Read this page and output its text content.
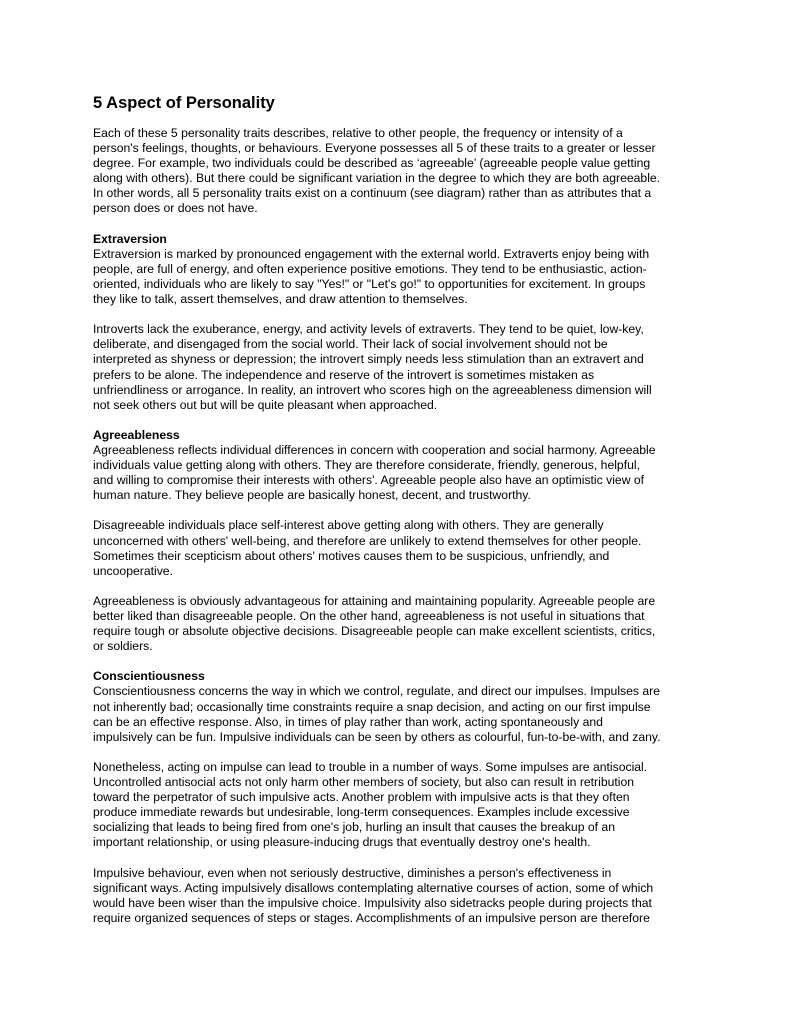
5 Aspect of Personality
Each of these 5 personality traits describes, relative to other people, the frequency or intensity of a
person's feelings, thoughts, or behaviours. Everyone possesses all 5 of these traits to a greater or lesser
degree. For example, two individuals could be described as ‘agreeable’ (agreeable people value getting
along with others). But there could be significant variation in the degree to which they are both agreeable.
In other words, all 5 personality traits exist on a continuum (see diagram) rather than as attributes that a
person does or does not have.
Extraversion
Extraversion is marked by pronounced engagement with the external world. Extraverts enjoy being with
people, are full of energy, and often experience positive emotions. They tend to be enthusiastic, action-
oriented, individuals who are likely to say "Yes!" or "Let's go!" to opportunities for excitement. In groups
they like to talk, assert themselves, and draw attention to themselves.
Introverts lack the exuberance, energy, and activity levels of extraverts. They tend to be quiet, low-key,
deliberate, and disengaged from the social world. Their lack of social involvement should not be
interpreted as shyness or depression; the introvert simply needs less stimulation than an extravert and
prefers to be alone. The independence and reserve of the introvert is sometimes mistaken as
unfriendliness or arrogance. In reality, an introvert who scores high on the agreeableness dimension will
not seek others out but will be quite pleasant when approached.
Agreeableness
Agreeableness reflects individual differences in concern with cooperation and social harmony. Agreeable
individuals value getting along with others. They are therefore considerate, friendly, generous, helpful,
and willing to compromise their interests with others'. Agreeable people also have an optimistic view of
human nature. They believe people are basically honest, decent, and trustworthy.
Disagreeable individuals place self-interest above getting along with others. They are generally
unconcerned with others' well-being, and therefore are unlikely to extend themselves for other people.
Sometimes their scepticism about others' motives causes them to be suspicious, unfriendly, and
uncooperative.
Agreeableness is obviously advantageous for attaining and maintaining popularity. Agreeable people are
better liked than disagreeable people. On the other hand, agreeableness is not useful in situations that
require tough or absolute objective decisions. Disagreeable people can make excellent scientists, critics,
or soldiers.
Conscientiousness
Conscientiousness concerns the way in which we control, regulate, and direct our impulses. Impulses are
not inherently bad; occasionally time constraints require a snap decision, and acting on our first impulse
can be an effective response. Also, in times of play rather than work, acting spontaneously and
impulsively can be fun. Impulsive individuals can be seen by others as colourful, fun-to-be-with, and zany.
Nonetheless, acting on impulse can lead to trouble in a number of ways. Some impulses are antisocial.
Uncontrolled antisocial acts not only harm other members of society, but also can result in retribution
toward the perpetrator of such impulsive acts. Another problem with impulsive acts is that they often
produce immediate rewards but undesirable, long-term consequences. Examples include excessive
socializing that leads to being fired from one's job, hurling an insult that causes the breakup of an
important relationship, or using pleasure-inducing drugs that eventually destroy one's health.
Impulsive behaviour, even when not seriously destructive, diminishes a person's effectiveness in
significant ways. Acting impulsively disallows contemplating alternative courses of action, some of which
would have been wiser than the impulsive choice. Impulsivity also sidetracks people during projects that
require organized sequences of steps or stages. Accomplishments of an impulsive person are therefore
